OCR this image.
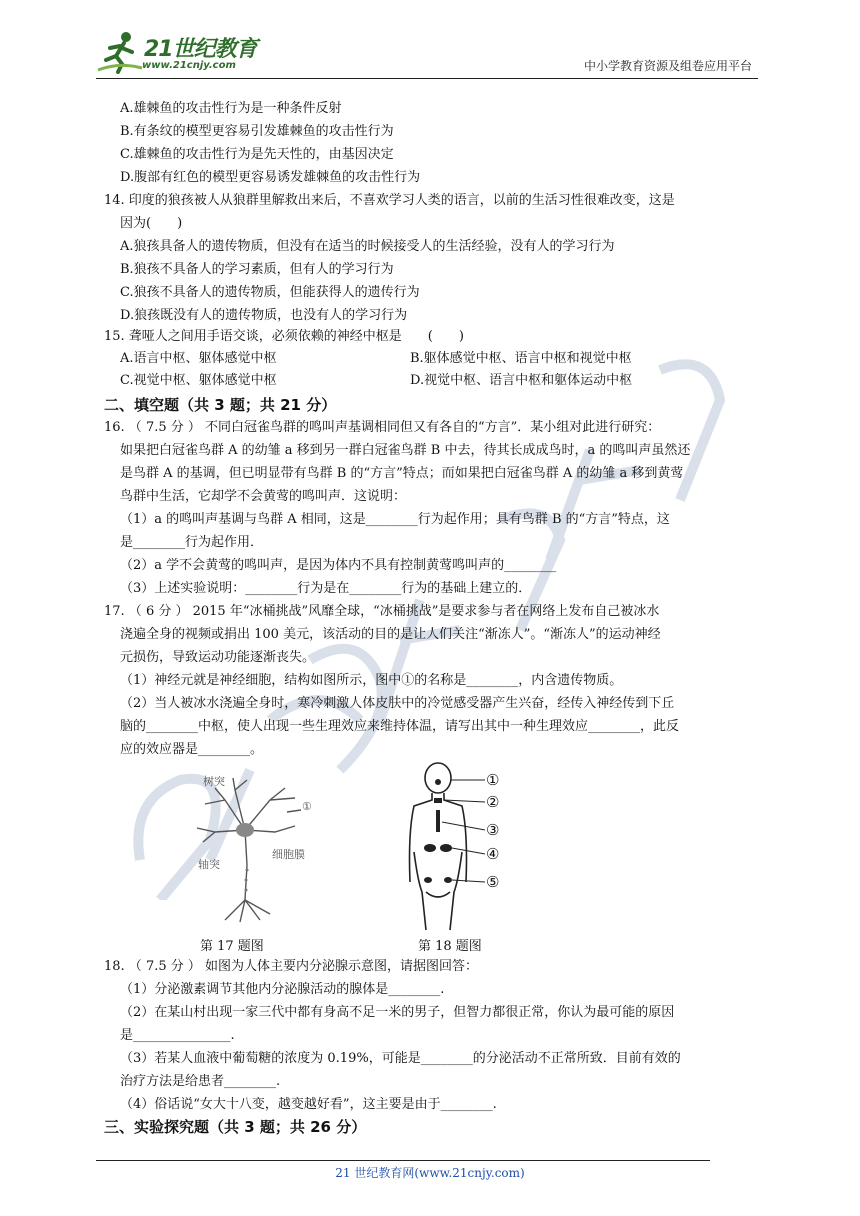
21世纪教育
www.21cnjy.com	中小学教育资源及组卷应用平台
A.雄棘鱼的攻击性行为是一种条件反射
B.有条纹的模型更容易引发雄棘鱼的攻击性行为
C.雄棘鱼的攻击性行为是先天性的，由基因决定
D.腹部有红色的模型更容易诱发雄棘鱼的攻击性行为
14. 印度的狼孩被人从狼群里解救出来后，不喜欢学习人类的语言，以前的生活习性很难改变，这是
因为(　　)
A.狼孩具备人的遗传物质，但没有在适当的时候接受人的生活经验，没有人的学习行为
B.狼孩不具备人的学习素质，但有人的学习行为
C.狼孩不具备人的遗传物质，但能获得人的遗传行为
D.狼孩既没有人的遗传物质，也没有人的学习行为
15. 聋哑人之间用手语交谈，必须依赖的神经中枢是　　(　　)
A.语言中枢、躯体感觉中枢	B.躯体感觉中枢、语言中枢和视觉中枢
C.视觉中枢、躯体感觉中枢	D.视觉中枢、语言中枢和躯体运动中枢
二、填空题（共 3 题；共 21 分）
16. （ 7.5 分 ） 不同白冠雀鸟群的鸣叫声基调相同但又有各自的“方言”．某小组对此进行研究：
如果把白冠雀鸟群 A 的幼雏 a 移到另一群白冠雀鸟群 B 中去，待其长成成鸟时，a 的鸣叫声虽然还
是鸟群 A 的基调，但已明显带有鸟群 B 的“方言”特点；而如果把白冠雀鸟群 A 的幼雏 a 移到黄莺
鸟群中生活，它却学不会黄莺的鸣叫声．这说明：
（1）a 的鸣叫声基调与鸟群 A 相同，这是________行为起作用；具有鸟群 B 的“方言”特点，这
是________行为起作用．
（2）a 学不会黄莺的鸣叫声，是因为体内不具有控制黄莺鸣叫声的________
（3）上述实验说明：________行为是在________行为的基础上建立的．
17. （ 6 分 ） 2015 年“冰桶挑战”风靡全球，“冰桶挑战”是要求参与者在网络上发布自己被冰水
浇遍全身的视频或捐出 100 美元，该活动的目的是让人们关注“渐冻人”。“渐冻人”的运动神经
元损伤，导致运动功能逐渐丧失。
（1）神经元就是神经细胞，结构如图所示，图中①的名称是________，内含遗传物质。
（2）当人被冰水浇遍全身时，寒冷刺激人体皮肤中的冷觉感受器产生兴奋，经传入神经传到下丘
脑的________中枢，使人出现一些生理效应来维持体温，请写出其中一种生理效应________，此反
应的效应器是________。
树突
①
细胞膜
轴突
第 17 题图
①
②
③
④
⑤
第 18 题图
18. （ 7.5 分 ） 如图为人体主要内分泌腺示意图，请据图回答：
（1）分泌激素调节其他内分泌腺活动的腺体是________.
（2）在某山村出现一家三代中都有身高不足一米的男子，但智力都很正常，你认为最可能的原因
是_______________.
（3）若某人血液中葡萄糖的浓度为 0.19%，可能是________的分泌活动不正常所致．目前有效的
治疗方法是给患者________.
（4）俗话说“女大十八变，越变越好看”，这主要是由于________.
三、实验探究题（共 3 题；共 26 分）
21 世纪教育网(www.21cnjy.com)
